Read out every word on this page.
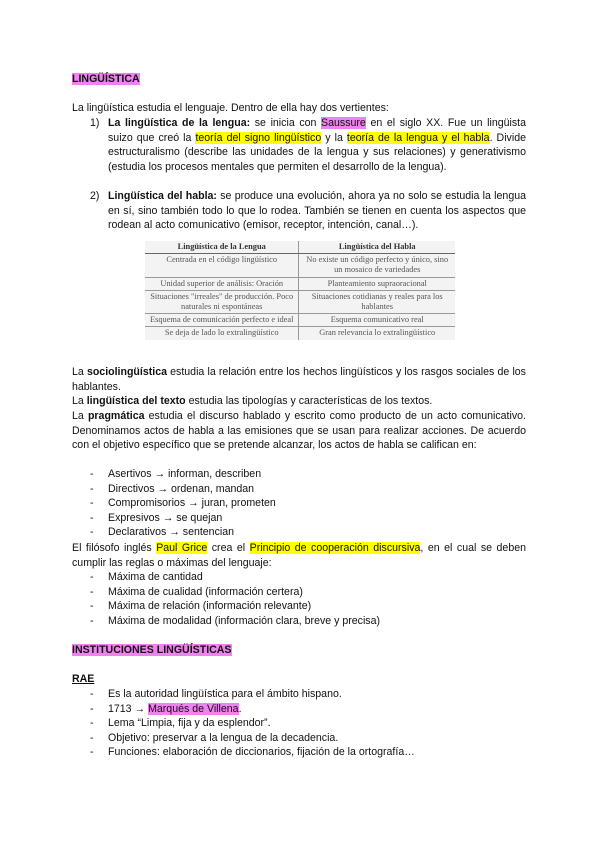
LINGÜÍSTICA
La lingüística estudia el lenguaje. Dentro de ella hay dos vertientes:
1) La lingüística de la lengua: se inicia con Saussure en el siglo XX. Fue un lingüista suizo que creó la teoría del signo lingüístico y la teoría de la lengua y el habla. Divide estructuralismo (describe las unidades de la lengua y sus relaciones) y generativismo (estudia los procesos mentales que permiten el desarrollo de la lengua).
2) Lingüística del habla: se produce una evolución, ahora ya no solo se estudia la lengua en sí, sino también todo lo que lo rodea. También se tienen en cuenta los aspectos que rodean al acto comunicativo (emisor, receptor, intención, canal…).
Lingüística de la Lengua	Lingüística del Habla
Centrada en el código lingüístico	No existe un código perfecto y único, sino un mosaico de variedades
Unidad superior de análisis: Oración	Planteamiento supraoracional
Situaciones "irreales" de producción. Poco naturales ni espontáneas	Situaciones cotidianas y reales para los hablantes
Esquema de comunicación perfecto e ideal	Esquema comunicativo real
Se deja de lado lo extralingüístico	Gran relevancia lo extralingüístico
La sociolingüística estudia la relación entre los hechos lingüísticos y los rasgos sociales de los hablantes.
La lingüística del texto estudia las tipologías y características de los textos.
La pragmática estudia el discurso hablado y escrito como producto de un acto comunicativo. Denominamos actos de habla a las emisiones que se usan para realizar acciones. De acuerdo con el objetivo específico que se pretende alcanzar, los actos de habla se califican en:
- Asertivos → informan, describen
- Directivos → ordenan, mandan
- Compromisorios → juran, prometen
- Expresivos → se quejan
- Declarativos → sentencian
El filósofo inglés Paul Grice crea el Principio de cooperación discursiva, en el cual se deben cumplir las reglas o máximas del lenguaje:
- Máxima de cantidad
- Máxima de cualidad (información certera)
- Máxima de relación (información relevante)
- Máxima de modalidad (información clara, breve y precisa)
INSTITUCIONES LINGÜÍSTICAS
RAE
- Es la autoridad lingüística para el ámbito hispano.
- 1713 → Marqués de Villena.
- Lema “Limpia, fija y da esplendor”.
- Objetivo: preservar a la lengua de la decadencia.
- Funciones: elaboración de diccionarios, fijación de la ortografía…
